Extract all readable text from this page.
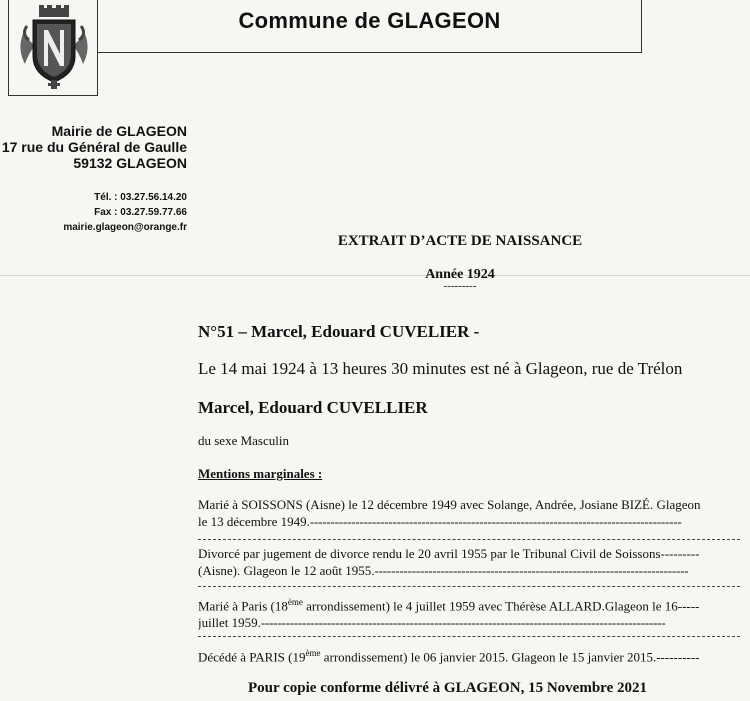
Commune de GLAGEON
Mairie de GLAGEON
17 rue du Général de Gaulle
59132 GLAGEON
Tél. : 03.27.56.14.20
Fax : 03.27.59.77.66
mairie.glageon@orange.fr
EXTRAIT D’ACTE DE NAISSANCE
Année 1924
---------
N°51 – Marcel, Edouard CUVELIER -
Le 14 mai 1924 à 13 heures 30 minutes est né à Glageon, rue de Trélon
Marcel, Edouard CUVELLIER
du sexe Masculin
Mentions marginales :
Marié à SOISSONS (Aisne) le 12 décembre 1949 avec Solange, Andrée, Josiane BIZÉ. Glageon
le 13 décembre 1949.------------------------------------------------------------------------------------------
Divorcé par jugement de divorce rendu le 20 avril 1955 par le Tribunal Civil de Soissons---------
(Aisne). Glageon le 12 août 1955.----------------------------------------------------------------------------
Marié à Paris (18ème arrondissement) le 4 juillet 1959 avec Thérèse ALLARD.Glageon le 16-----
juillet 1959.--------------------------------------------------------------------------------------------------
Décédé à PARIS (19ème arrondissement) le 06 janvier 2015. Glageon le 15 janvier 2015.----------
Pour copie conforme délivré à GLAGEON, 15 Novembre 2021
